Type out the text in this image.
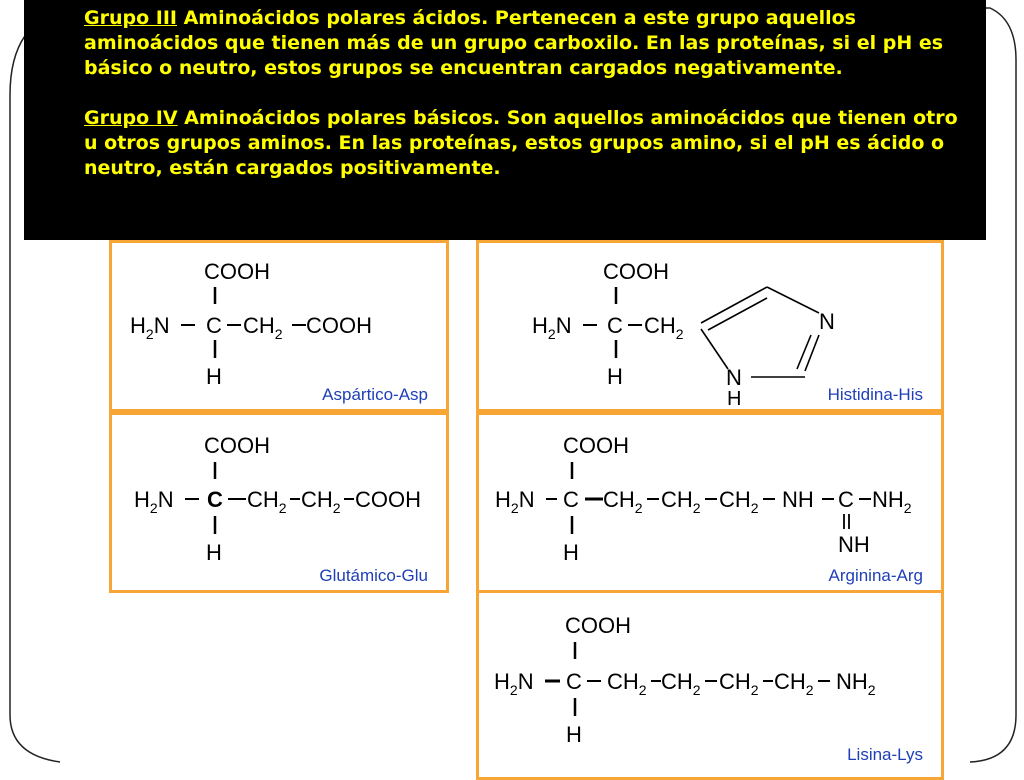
COOH
$H_2N$ C $CH_2$ COOH
H
Aspártico-Asp
COOH
$H_2N$ C $CH_2$
H
N
N
H	Histidina-His
COOH
$H_2N$ C $CH_2$ $CH_2$ COOH
H
Glutámico-Glu
COOH
$H_2N$ C $CH_2$ $CH_2$ $CH_2$ NH C $NH_2$
NH
H
Arginina-Arg
COOH
$H_2N$ C $CH_2$ $CH_2$ $CH_2$ $CH_2$ $NH_2$
H
Lisina-Lys

Grupo III Aminoácidos polares ácidos. Pertenecen a este grupo aquellos aminoácidos que tienen más de un grupo carboxilo. En las proteínas, si el pH es básico o neutro, estos grupos se encuentran cargados negativamente.

Grupo IV Aminoácidos polares básicos. Son aquellos aminoácidos que tienen otro u otros grupos aminos. En las proteínas, estos grupos amino, si el pH es ácido o neutro, están cargados positivamente.
